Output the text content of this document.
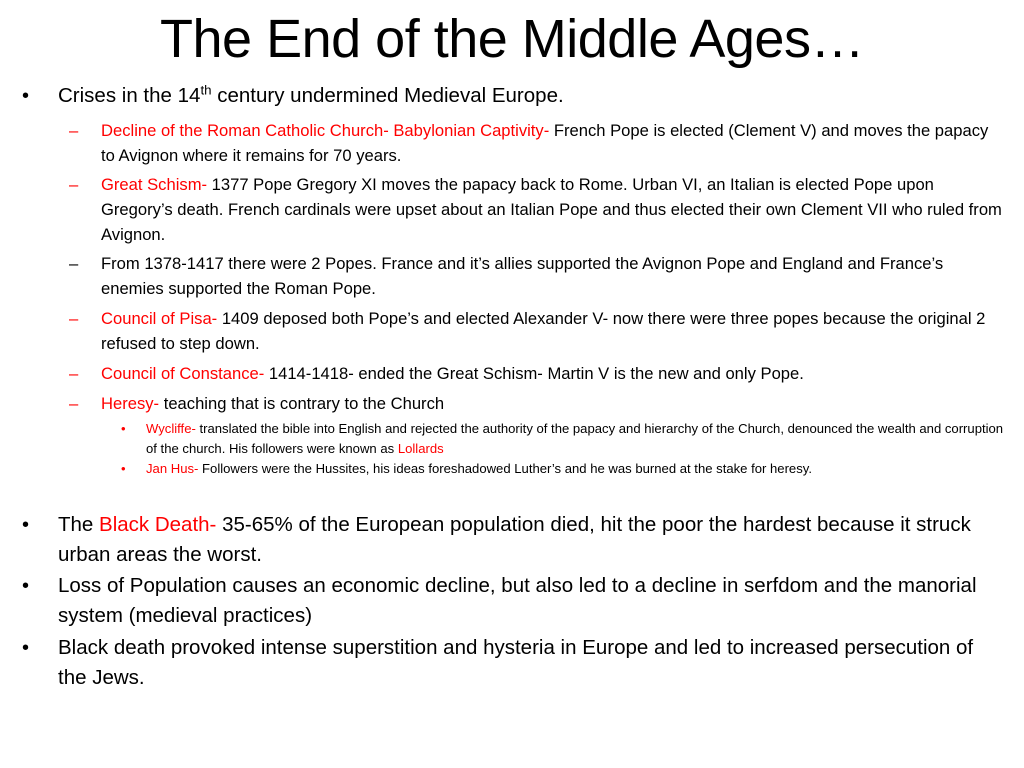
The End of the Middle Ages…
• Crises in the 14th century undermined Medieval Europe.
– Decline of the Roman Catholic Church- Babylonian Captivity- French Pope is elected (Clement V) and moves the papacy to Avignon where it remains for 70 years.
– Great Schism- 1377 Pope Gregory XI moves the papacy back to Rome. Urban VI, an Italian is elected Pope upon Gregory’s death. French cardinals were upset about an Italian Pope and thus elected their own Clement VII who ruled from Avignon.
– From 1378-1417 there were 2 Popes. France and it’s allies supported the Avignon Pope and England and France’s enemies supported the Roman Pope.
– Council of Pisa- 1409 deposed both Pope’s and elected Alexander V- now there were three popes because the original 2 refused to step down.
– Council of Constance- 1414-1418- ended the Great Schism- Martin V is the new and only Pope.
– Heresy- teaching that is contrary to the Church
• Wycliffe- translated the bible into English and rejected the authority of the papacy and hierarchy of the Church, denounced the wealth and corruption of the church. His followers were known as Lollards
• Jan Hus- Followers were the Hussites, his ideas foreshadowed Luther’s and he was burned at the stake for heresy.
• The Black Death- 35-65% of the European population died, hit the poor the hardest because it struck urban areas the worst.
• Loss of Population causes an economic decline, but also led to a decline in serfdom and the manorial system (medieval practices)
• Black death provoked intense superstition and hysteria in Europe and led to increased persecution of the Jews.
